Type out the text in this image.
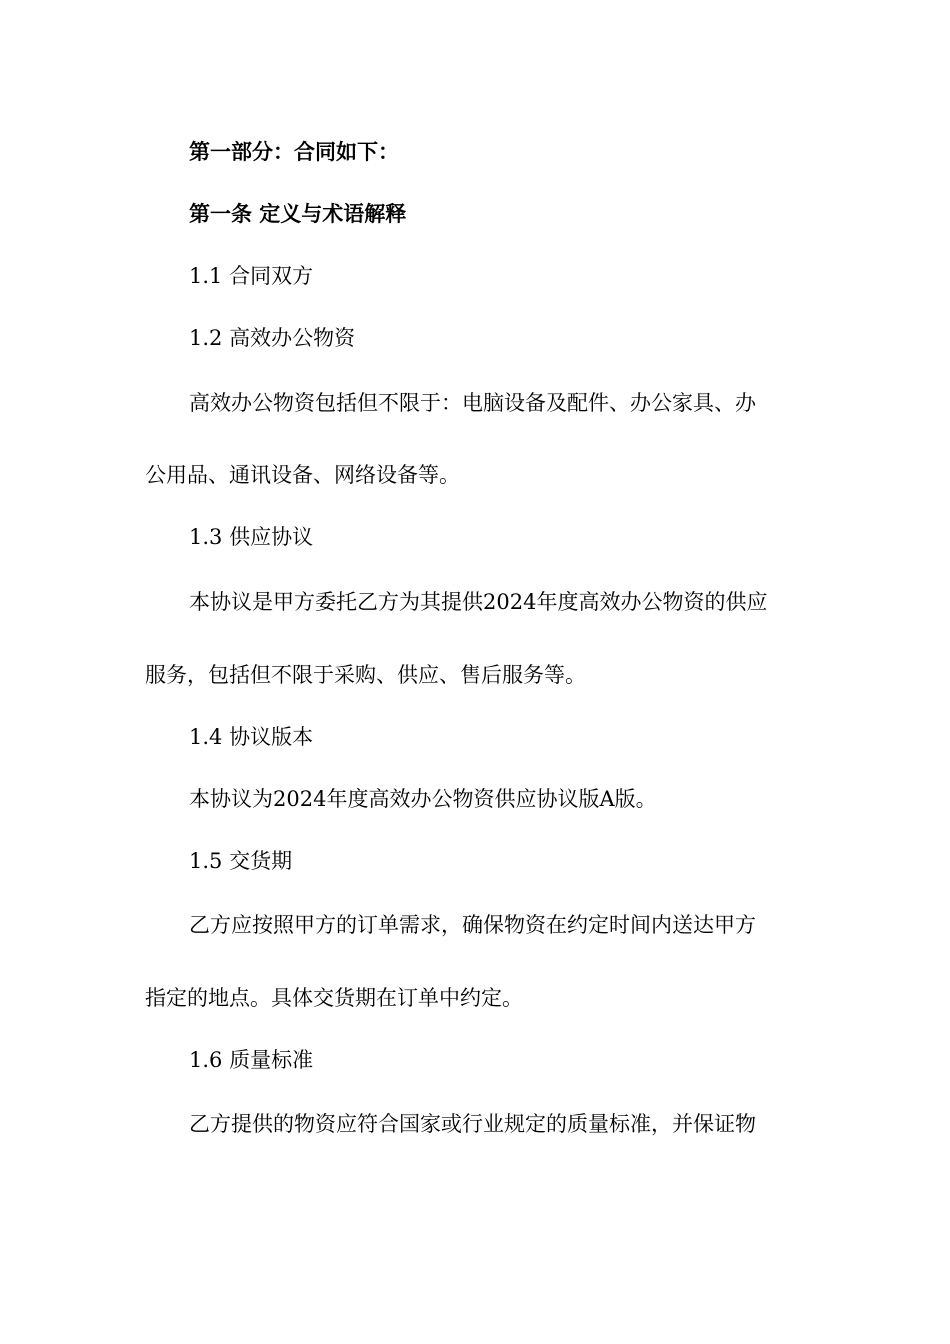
第一部分：合同如下：

第一条 定义与术语解释

1.1 合同双方

1.2 高效办公物资

高效办公物资包括但不限于：电脑设备及配件、办公家具、办

公用品、通讯设备、网络设备等。

1.3 供应协议

本协议是甲方委托乙方为其提供2024年度高效办公物资的供应

服务，包括但不限于采购、供应、售后服务等。

1.4 协议版本

本协议为2024年度高效办公物资供应协议版A版。

1.5 交货期

乙方应按照甲方的订单需求，确保物资在约定时间内送达甲方

指定的地点。具体交货期在订单中约定。

1.6 质量标准

乙方提供的物资应符合国家或行业规定的质量标准，并保证物
